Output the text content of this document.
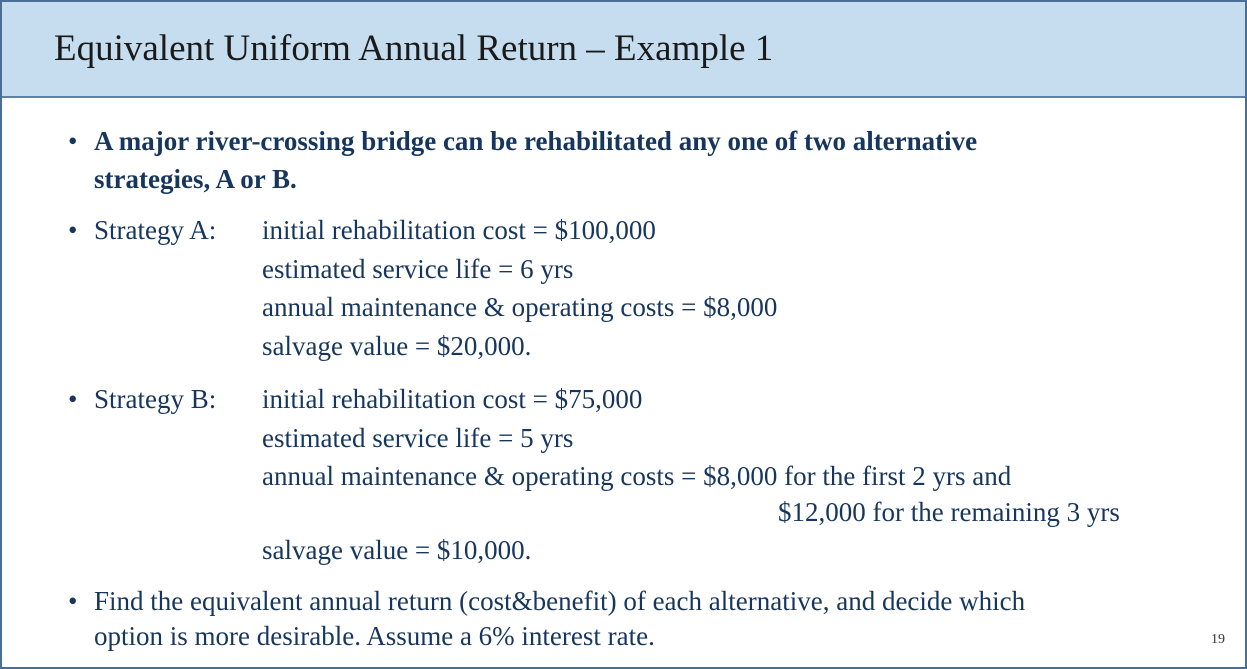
Equivalent Uniform Annual Return – Example 1
• A major river-crossing bridge can be rehabilitated any one of two alternative
strategies, A or B.
• Strategy A: initial rehabilitation cost = $100,000
estimated service life = 6 yrs
annual maintenance & operating costs = $8,000
salvage value = $20,000.
• Strategy B: initial rehabilitation cost = $75,000
estimated service life = 5 yrs
annual maintenance & operating costs = $8,000 for the first 2 yrs and
$12,000 for the remaining 3 yrs
salvage value = $10,000.
• Find the equivalent annual return (cost&benefit) of each alternative, and decide which
option is more desirable. Assume a 6% interest rate.	19
